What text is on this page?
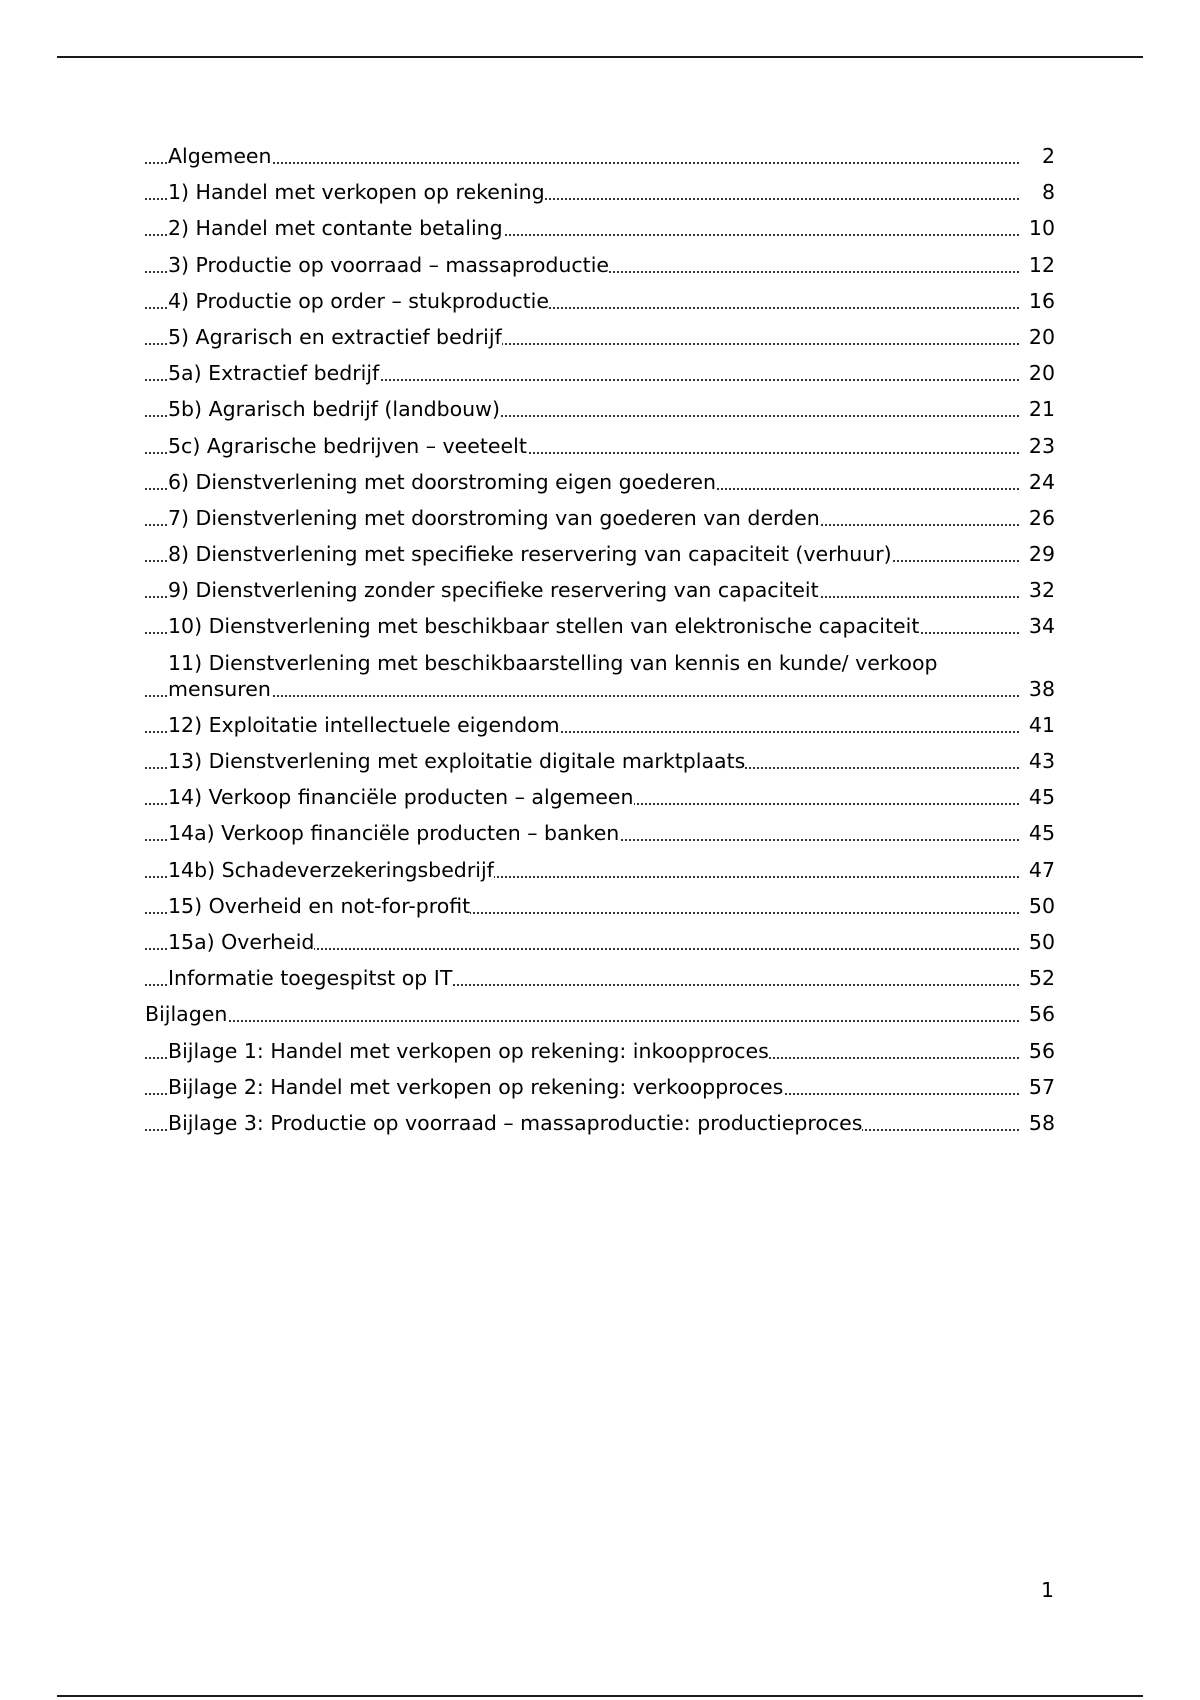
Algemeen	2
1) Handel met verkopen op rekening	8
2) Handel met contante betaling	10
3) Productie op voorraad – massaproductie	12
4) Productie op order – stukproductie	16
5) Agrarisch en extractief bedrijf	20
5a) Extractief bedrijf	20
5b) Agrarisch bedrijf (landbouw)	21
5c) Agrarische bedrijven – veeteelt	23
6) Dienstverlening met doorstroming eigen goederen	24
7) Dienstverlening met doorstroming van goederen van derden	26
8) Dienstverlening met specifieke reservering van capaciteit (verhuur)	29
9) Dienstverlening zonder specifieke reservering van capaciteit	32
10) Dienstverlening met beschikbaar stellen van elektronische capaciteit	34
11) Dienstverlening met beschikbaarstelling van kennis en kunde/ verkoop mensuren	38
12) Exploitatie intellectuele eigendom	41
13) Dienstverlening met exploitatie digitale marktplaats	43
14) Verkoop financiële producten – algemeen	45
14a) Verkoop financiële producten – banken	45
14b) Schadeverzekeringsbedrijf	47
15) Overheid en not-for-profit	50
15a) Overheid	50
Informatie toegespitst op IT	52
Bijlagen	56
Bijlage 1: Handel met verkopen op rekening: inkoopproces	56
Bijlage 2: Handel met verkopen op rekening: verkoopproces	57
Bijlage 3: Productie op voorraad – massaproductie: productieproces	58
1
